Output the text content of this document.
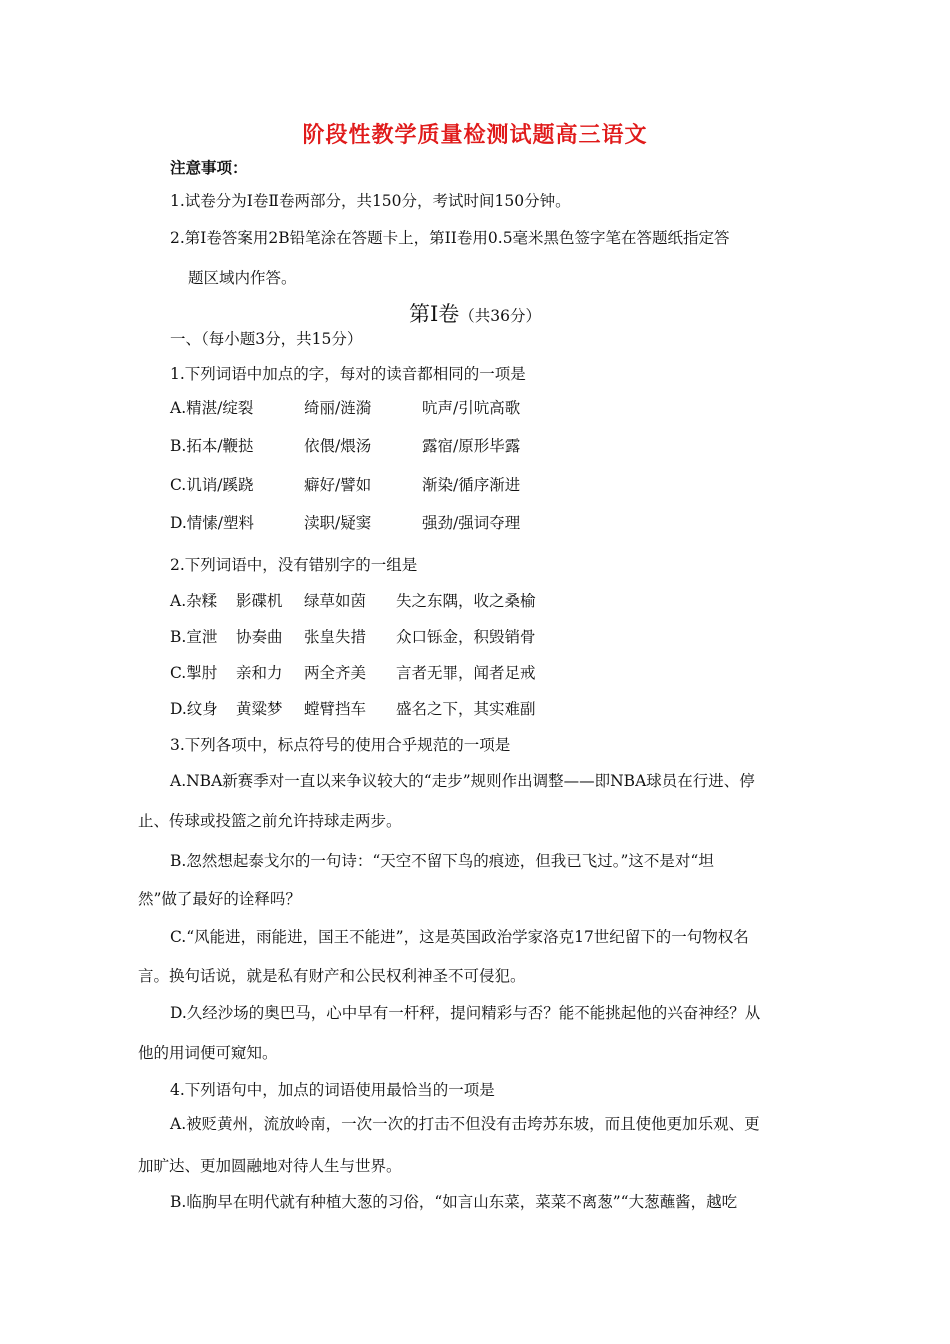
阶段性教学质量检测试题高三语文
注意事项：
1.试卷分为Ⅰ卷Ⅱ卷两部分，共150分，考试时间150分钟。
2.第Ⅰ卷答案用2B铅笔涂在答题卡上，第II卷用0.5毫米黑色签字笔在答题纸指定答
题区域内作答。
第Ⅰ卷（共36分）
一、（每小题3分，共15分）
1.下列词语中加点的字，每对的读音都相同的一项是
A.精湛/绽裂	绮丽/涟漪	吭声/引吭高歌
B.拓本/鞭挞	依偎/煨汤	露宿/原形毕露
C.讥诮/蹊跷	癖好/譬如	渐染/循序渐进
D.情愫/塑料	渎职/疑窦	强劲/强词夺理
2.下列词语中，没有错别字的一组是
A.杂糅 影碟机 绿草如茵 失之东隅，收之桑榆
B.宣泄 协奏曲 张皇失措 众口铄金，积毁销骨
C.掣肘 亲和力 两全齐美 言者无罪，闻者足戒
D.纹身 黄粱梦 螳臂挡车 盛名之下，其实难副
3.下列各项中，标点符号的使用合乎规范的一项是
A.NBA新赛季对一直以来争议较大的“走步”规则作出调整——即NBA球员在行进、停
止、传球或投篮之前允许持球走两步。
B.忽然想起泰戈尔的一句诗：“天空不留下鸟的痕迹，但我已飞过。”这不是对“坦
然”做了最好的诠释吗？
C.“风能进，雨能进，国王不能进”，这是英国政治学家洛克17世纪留下的一句物权名
言。换句话说，就是私有财产和公民权利神圣不可侵犯。
D.久经沙场的奥巴马，心中早有一杆秤，提问精彩与否？能不能挑起他的兴奋神经？从
他的用词便可窥知。
4.下列语句中，加点的词语使用最恰当的一项是
A.被贬黄州，流放岭南，一次一次的打击不但没有击垮苏东坡，而且使他更加乐观、更
加旷达、更加圆融地对待人生与世界。
B.临朐早在明代就有种植大葱的习俗，“如言山东菜，菜菜不离葱”“大葱蘸酱，越吃
